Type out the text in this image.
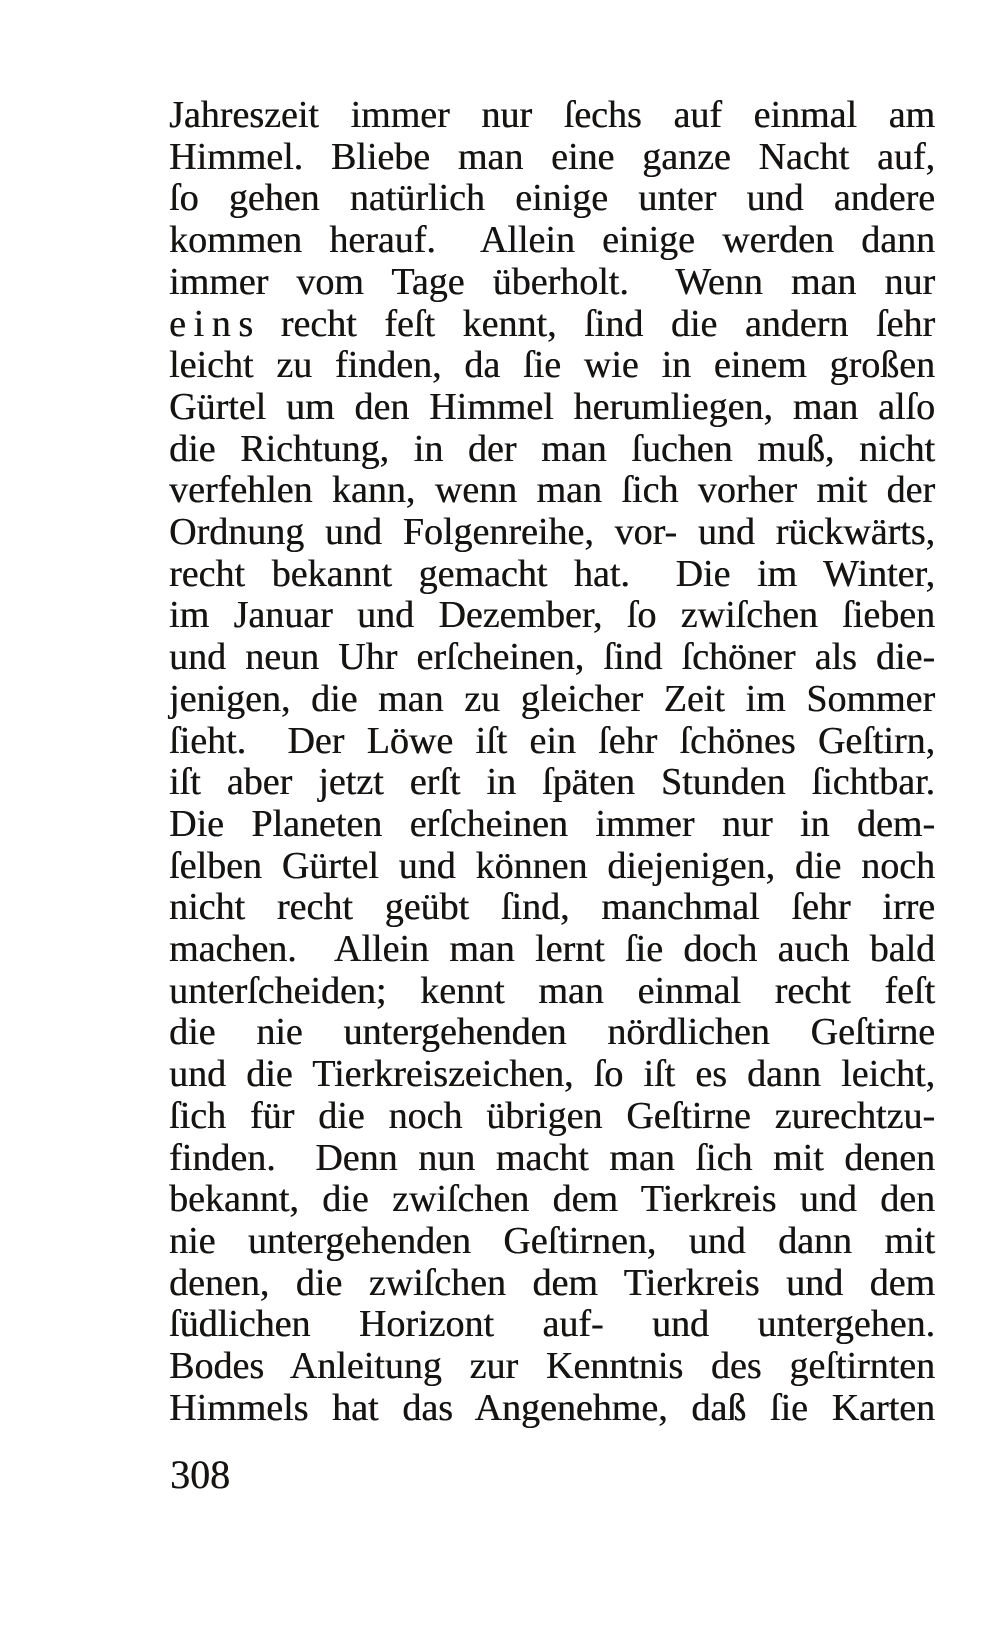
Jahreszeit immer nur ſechs auf einmal am
Himmel. Bliebe man eine ganze Nacht auf,
ſo gehen natürlich einige unter und andere
kommen herauf.  Allein einige werden dann
immer vom Tage überholt.  Wenn man nur
e i n s recht feſt kennt, ſind die andern ſehr
leicht zu finden, da ſie wie in einem großen
Gürtel um den Himmel herumliegen, man alſo
die Richtung, in der man ſuchen muß, nicht
verfehlen kann, wenn man ſich vorher mit der
Ordnung und Folgenreihe, vor- und rückwärts,
recht bekannt gemacht hat.  Die im Winter,
im Januar und Dezember, ſo zwiſchen ſieben
und neun Uhr erſcheinen, ſind ſchöner als die-
jenigen, die man zu gleicher Zeit im Sommer
ſieht.  Der Löwe iſt ein ſehr ſchönes Geſtirn,
iſt aber jetzt erſt in ſpäten Stunden ſichtbar.
Die Planeten erſcheinen immer nur in dem-
ſelben Gürtel und können diejenigen, die noch
nicht recht geübt ſind, manchmal ſehr irre
machen.  Allein man lernt ſie doch auch bald
unterſcheiden; kennt man einmal recht feſt
die nie untergehenden nördlichen Geſtirne
und die Tierkreiszeichen, ſo iſt es dann leicht,
ſich für die noch übrigen Geſtirne zurechtzu-
finden.  Denn nun macht man ſich mit denen
bekannt, die zwiſchen dem Tierkreis und den
nie untergehenden Geſtirnen, und dann mit
denen, die zwiſchen dem Tierkreis und dem
ſüdlichen Horizont auf- und untergehen.
Bodes Anleitung zur Kenntnis des geſtirnten
Himmels hat das Angenehme, daß ſie Karten
308
